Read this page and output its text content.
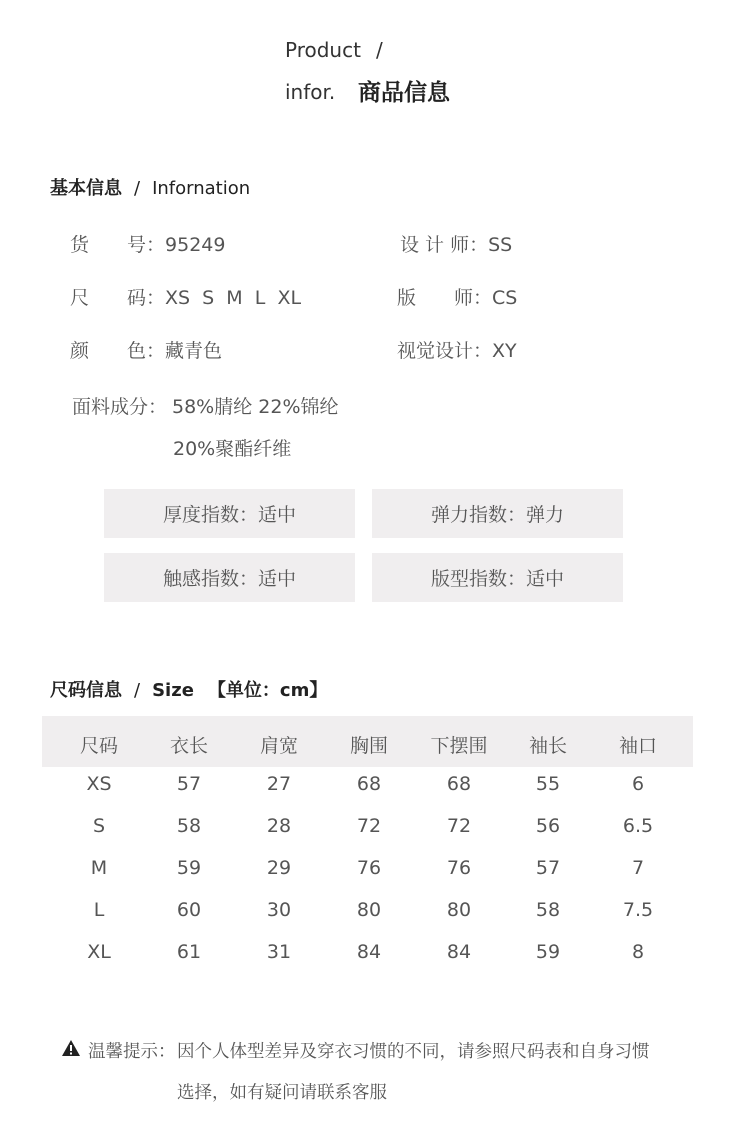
Product /
infor. 商品信息
基本信息 / Infornation
货　　号：95249	设 计 师：SS
尺　　码：XS  S  M  L  XL	版　　师：CS
颜　　色：藏青色	视觉设计：XY
面料成分： 58%腈纶 22%锦纶
20%聚酯纤维
厚度指数：适中	弹力指数：弹力
触感指数：适中	版型指数：适中
尺码信息 / Size 【单位：cm】
尺码	衣长	肩宽	胸围	下摆围	袖长	袖口
XS	57	27	68	68	55	6
S	58	28	72	72	56	6.5
M	59	29	76	76	57	7
L	60	30	80	80	58	7.5
XL	61	31	84	84	59	8
温馨提示： 因个人体型差异及穿衣习惯的不同，请参照尺码表和自身习惯
选择，如有疑问请联系客服
